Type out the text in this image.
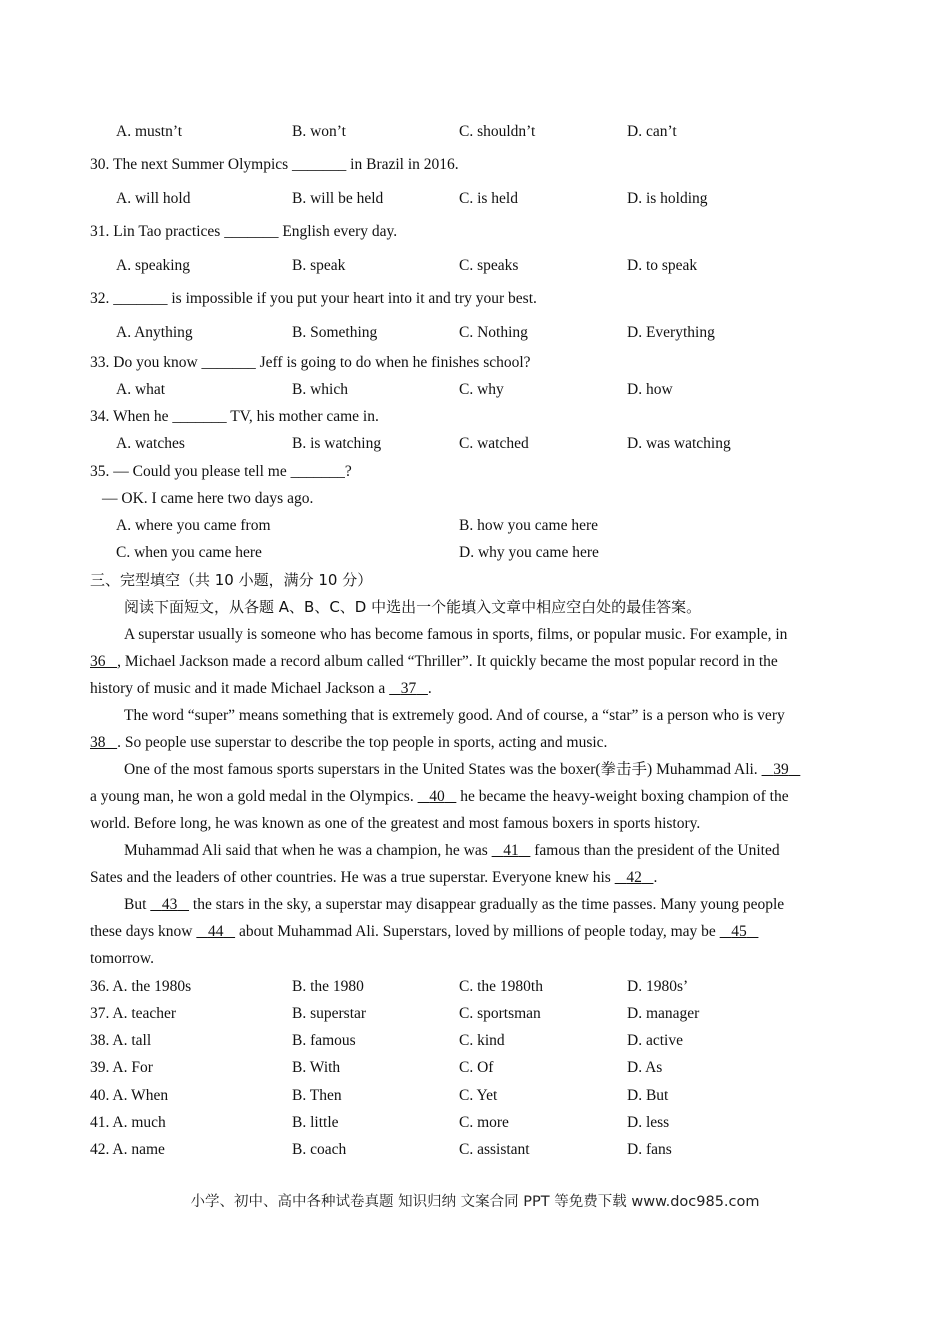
A. mustn’t	B. won’t	C. shouldn’t	D. can’t
30. The next Summer Olympics _______ in Brazil in 2016.
A. will hold	B. will be held	C. is held	D. is holding
31. Lin Tao practices _______ English every day.
A. speaking	B. speak	C. speaks	D. to speak
32. _______ is impossible if you put your heart into it and try your best.
A. Anything	B. Something	C. Nothing	D. Everything
33. Do you know _______ Jeff is going to do when he finishes school?
A. what	B. which	C. why	D. how
34. When he _______ TV, his mother came in.
A. watches	B. is watching	C. watched	D. was watching
35. — Could you please tell me _______?
— OK. I came here two days ago.
A. where you came from	B. how you came here
C. when you came here	D. why you came here
三、完型填空（共 10 小题，满分 10 分）
阅读下面短文，从各题 A、B、C、D 中选出一个能填入文章中相应空白处的最佳答案。
A superstar usually is someone who has become famous in sports, films, or popular music. For example, in
36 , Michael Jackson made a record album called “Thriller”. It quickly became the most popular record in the
history of music and it made Michael Jackson a 37 .
The word “super” means something that is extremely good. And of course, a “star” is a person who is very
38 . So people use superstar to describe the top people in sports, acting and music.
One of the most famous sports superstars in the United States was the boxer(拳击手) Muhammad Ali. 39
a young man, he won a gold medal in the Olympics. 40 he became the heavy-weight boxing champion of the
world. Before long, he was known as one of the greatest and most famous boxers in sports history.
Muhammad Ali said that when he was a champion, he was 41 famous than the president of the United
Sates and the leaders of other countries. He was a true superstar. Everyone knew his 42 .
But 43 the stars in the sky, a superstar may disappear gradually as the time passes. Many young people
these days know 44 about Muhammad Ali. Superstars, loved by millions of people today, may be 45
tomorrow.
36. A. the 1980s	B. the 1980	C. the 1980th	D. 1980s’
37. A. teacher	B. superstar	C. sportsman	D. manager
38. A. tall	B. famous	C. kind	D. active
39. A. For	B. With	C. Of	D. As
40. A. When	B. Then	C. Yet	D. But
41. A. much	B. little	C. more	D. less
42. A. name	B. coach	C. assistant	D. fans
小学、初中、高中各种试卷真题 知识归纳 文案合同 PPT 等免费下载 www.doc985.com
